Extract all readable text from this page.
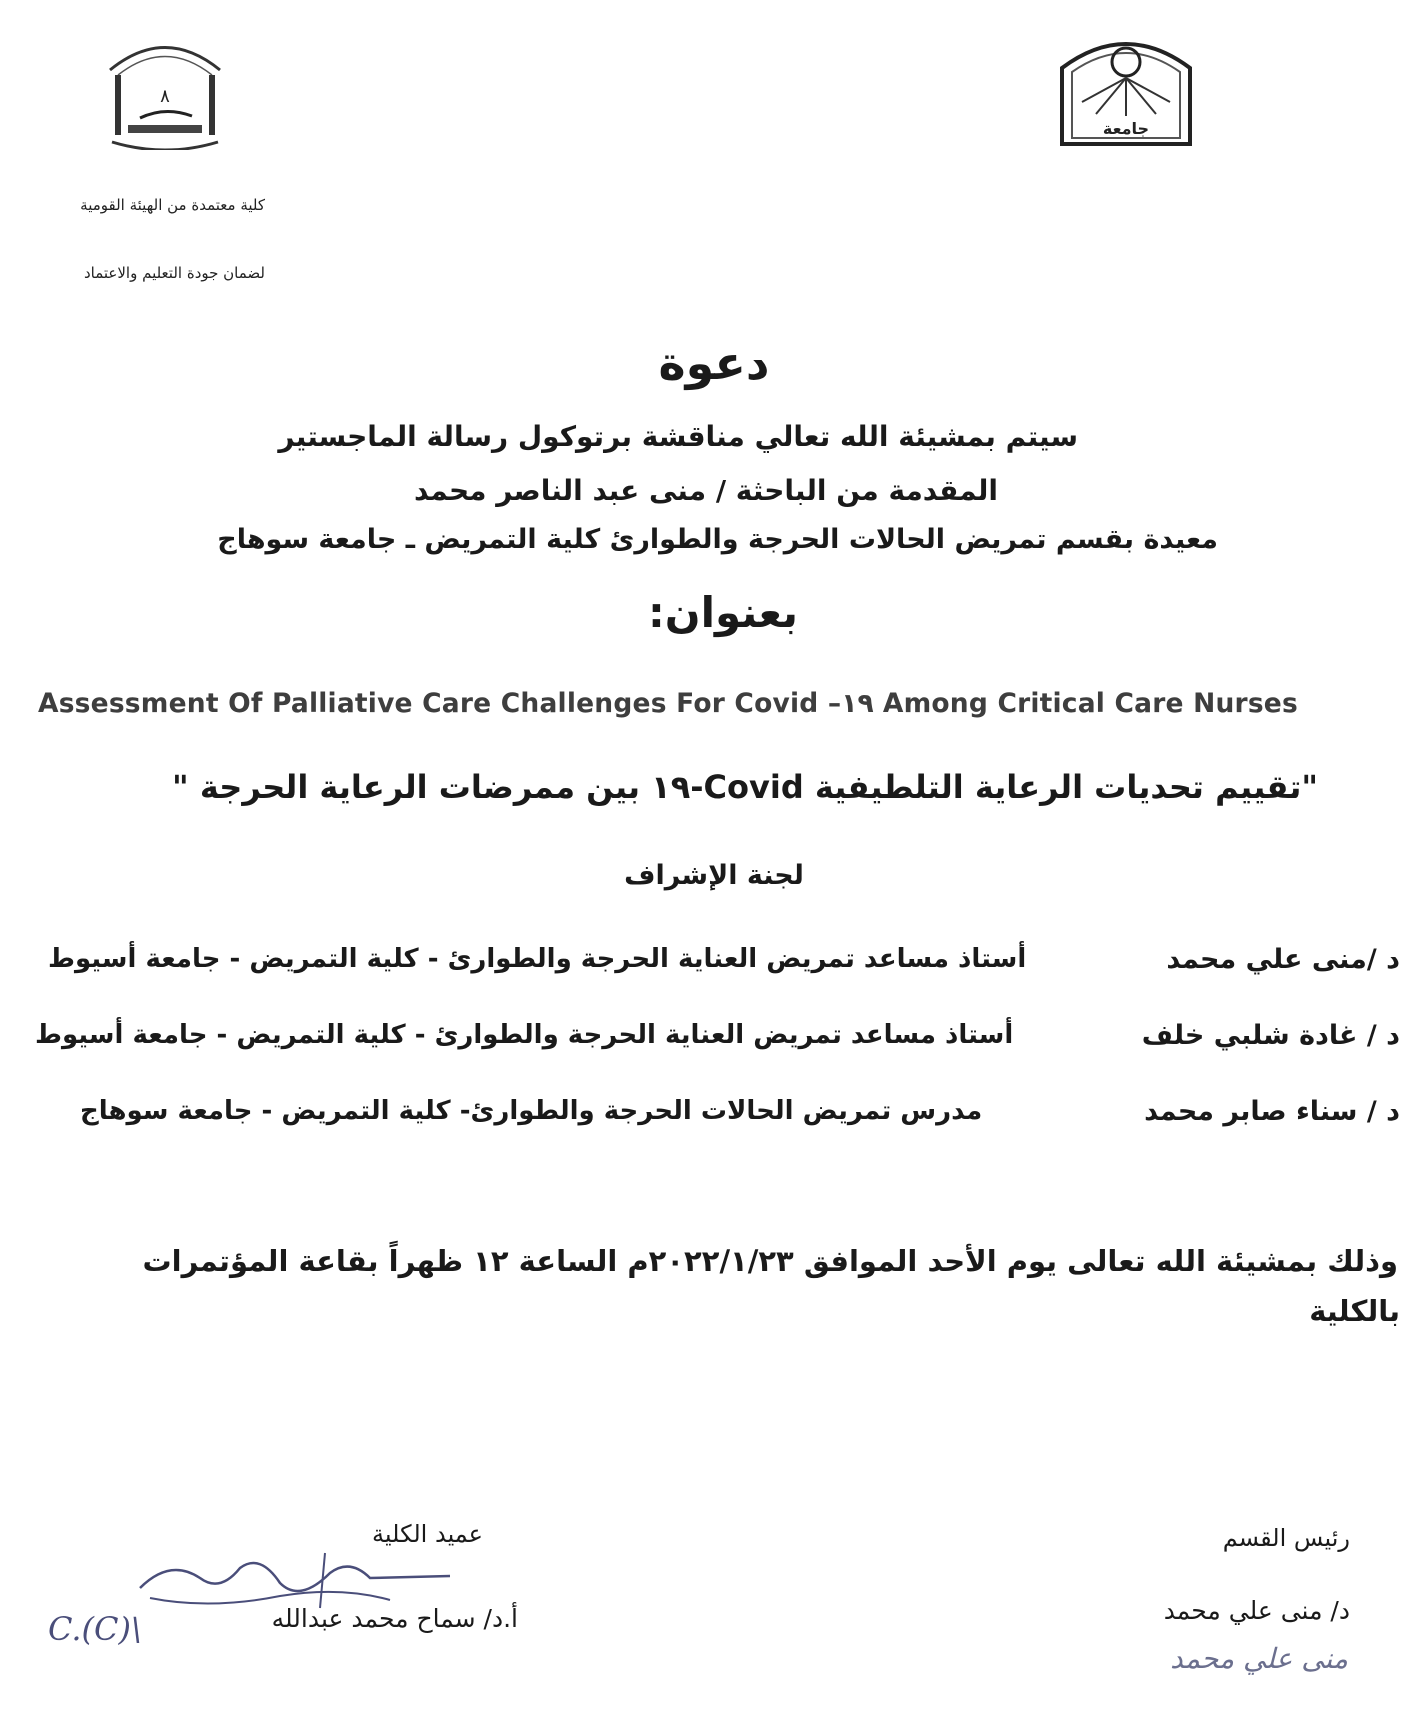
٨
جامعة
كلية معتمدة من الهيئة القومية
لضمان جودة التعليم والاعتماد
دعوة
سيتم بمشيئة الله تعالي مناقشة برتوكول رسالة الماجستير
المقدمة من الباحثة / منى عبد الناصر محمد
معيدة بقسم تمريض الحالات الحرجة والطوارئ كلية التمريض ـ جامعة سوهاج
بعنوان:
Assessment Of Palliative Care Challenges For Covid –١٩ Among Critical Care Nurses
"تقييم تحديات الرعاية التلطيفية Covid-١٩ بين ممرضات الرعاية الحرجة "
لجنة الإشراف
د /منى علي محمد
أستاذ مساعد تمريض العناية الحرجة والطوارئ - كلية التمريض - جامعة أسيوط
د / غادة شلبي خلف
أستاذ مساعد تمريض العناية الحرجة والطوارئ - كلية التمريض - جامعة أسيوط
د / سناء صابر محمد
مدرس تمريض الحالات الحرجة والطوارئ- كلية التمريض - جامعة سوهاج
وذلك بمشيئة الله تعالى يوم الأحد الموافق ٢٠٢٢/١/٢٣م الساعة ١٢ ظهراً بقاعة المؤتمرات
بالكلية
عميد الكلية
أ.د/ سماح محمد عبدالله
C.(C)\
رئيس القسم
د/ منى علي محمد
منى علي محمد
